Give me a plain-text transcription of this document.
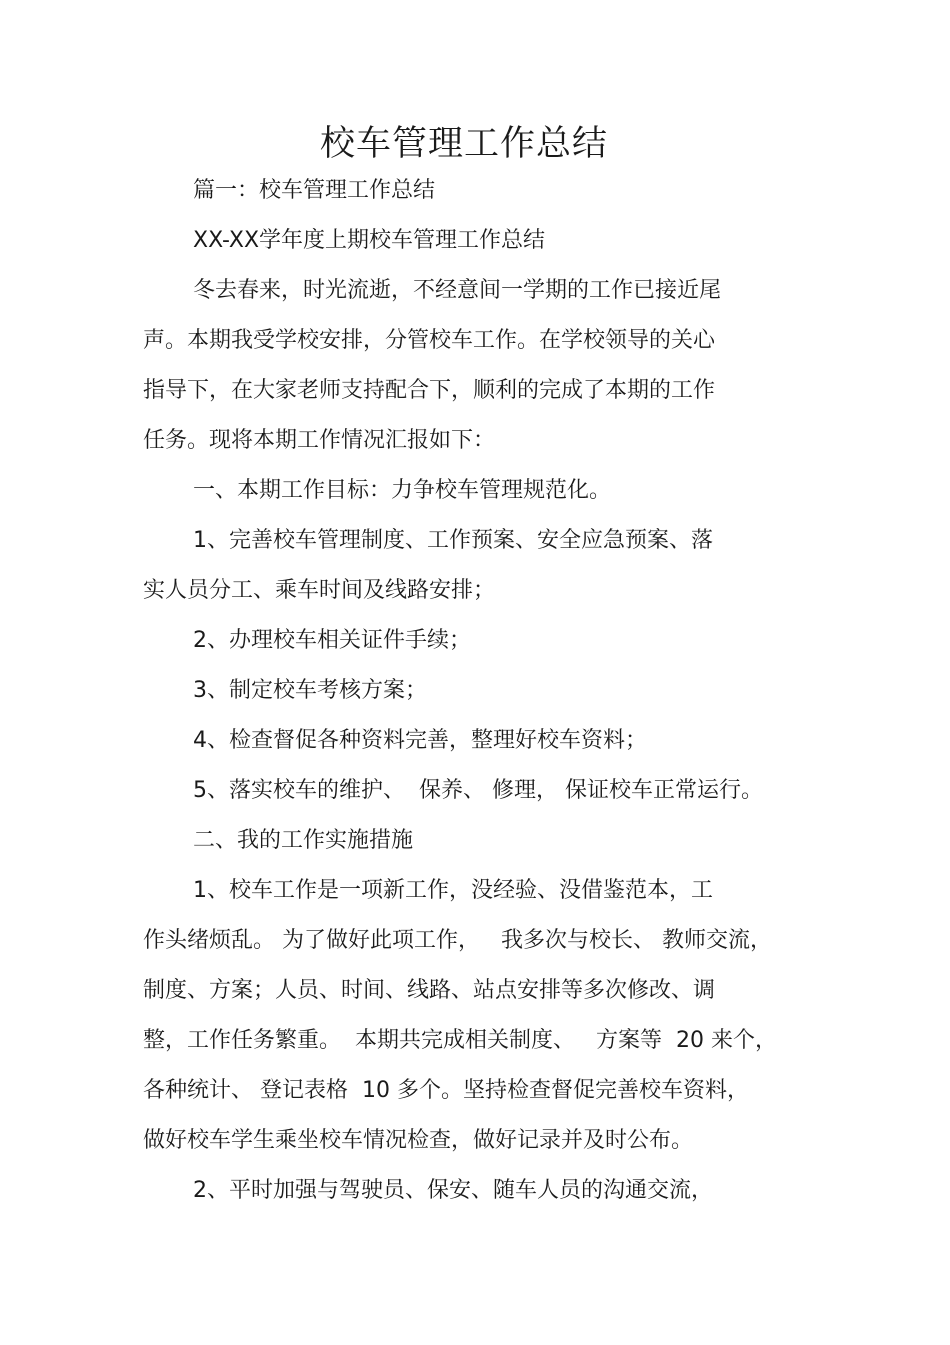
校车管理工作总结
篇一：校车管理工作总结
XX-XX学年度上期校车管理工作总结
冬去春来，时光流逝，不经意间一学期的工作已接近尾
声。本期我受学校安排，分管校车工作。在学校领导的关心
指导下，在大家老师支持配合下，顺利的完成了本期的工作
任务。现将本期工作情况汇报如下：
一、本期工作目标：力争校车管理规范化。
1、完善校车管理制度、工作预案、安全应急预案、落
实人员分工、乘车时间及线路安排；
2、办理校车相关证件手续；
3、制定校车考核方案；
4、检查督促各种资料完善，整理好校车资料；
5、落实校车的维护、  保养、 修理， 保证校车正常运行。
二、我的工作实施措施
1、校车工作是一项新工作，没经验、没借鉴范本，工
作头绪烦乱。 为了做好此项工作，   我多次与校长、 教师交流，
制度、方案；人员、时间、线路、站点安排等多次修改、调
整，工作任务繁重。  本期共完成相关制度、   方案等  20 来个，
各种统计、 登记表格  10 多个。坚持检查督促完善校车资料，
做好校车学生乘坐校车情况检查，做好记录并及时公布。
2、平时加强与驾驶员、保安、随车人员的沟通交流，
